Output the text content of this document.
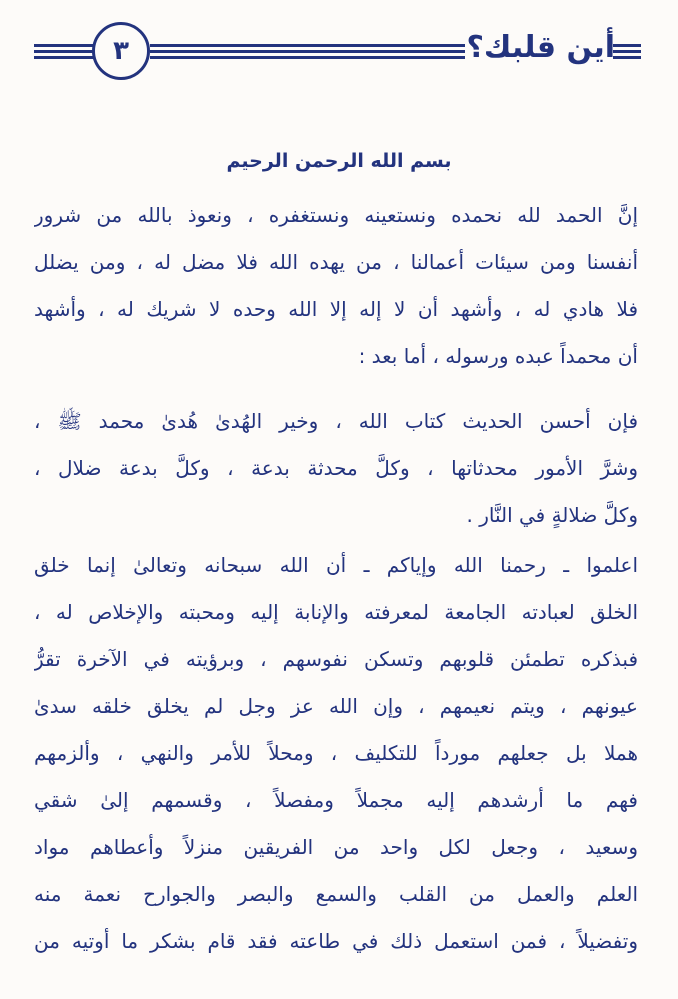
٣	أين قلبك؟
بسم الله الرحمن الرحيم
إنَّ الحمد لله نحمده ونستعينه ونستغفره ، ونعوذ بالله من شرور
أنفسنا ومن سيئات أعمالنا ، من يهده الله فلا مضل له ، ومن يضلل
فلا هادي له ، وأشهد أن لا إله إلا الله وحده لا شريك له ، وأشهد
أن محمداً عبده ورسوله ، أما بعد :
فإن أحسن الحديث كتاب الله ، وخير الهُدىٰ هُدىٰ محمد ﷺ ،
وشرَّ الأمور محدثاتها ، وكلَّ محدثة بدعة ، وكلَّ بدعة ضلال ،
وكلَّ ضلالةٍ في النَّار .
اعلموا ـ رحمنا الله وإياكم ـ أن الله سبحانه وتعالىٰ إنما خلق
الخلق لعبادته الجامعة لمعرفته والإنابة إليه ومحبته والإخلاص له ،
فبذكره تطمئن قلوبهم وتسكن نفوسهم ، وبرؤيته في الآخرة تقرُّ
عيونهم ، ويتم نعيمهم ، وإن الله عز وجل لم يخلق خلقه سدىٰ
هملا بل جعلهم مورداً للتكليف ، ومحلاً للأمر والنهي ، وألزمهم
فهم ما أرشدهم إليه مجملاً ومفصلاً ، وقسمهم إلىٰ شقي
وسعيد ، وجعل لكل واحد من الفريقين منزلاً وأعطاهم مواد
العلم والعمل من القلب والسمع والبصر والجوارح نعمة منه
وتفضيلاً ، فمن استعمل ذلك في طاعته فقد قام بشكر ما أوتيه من
